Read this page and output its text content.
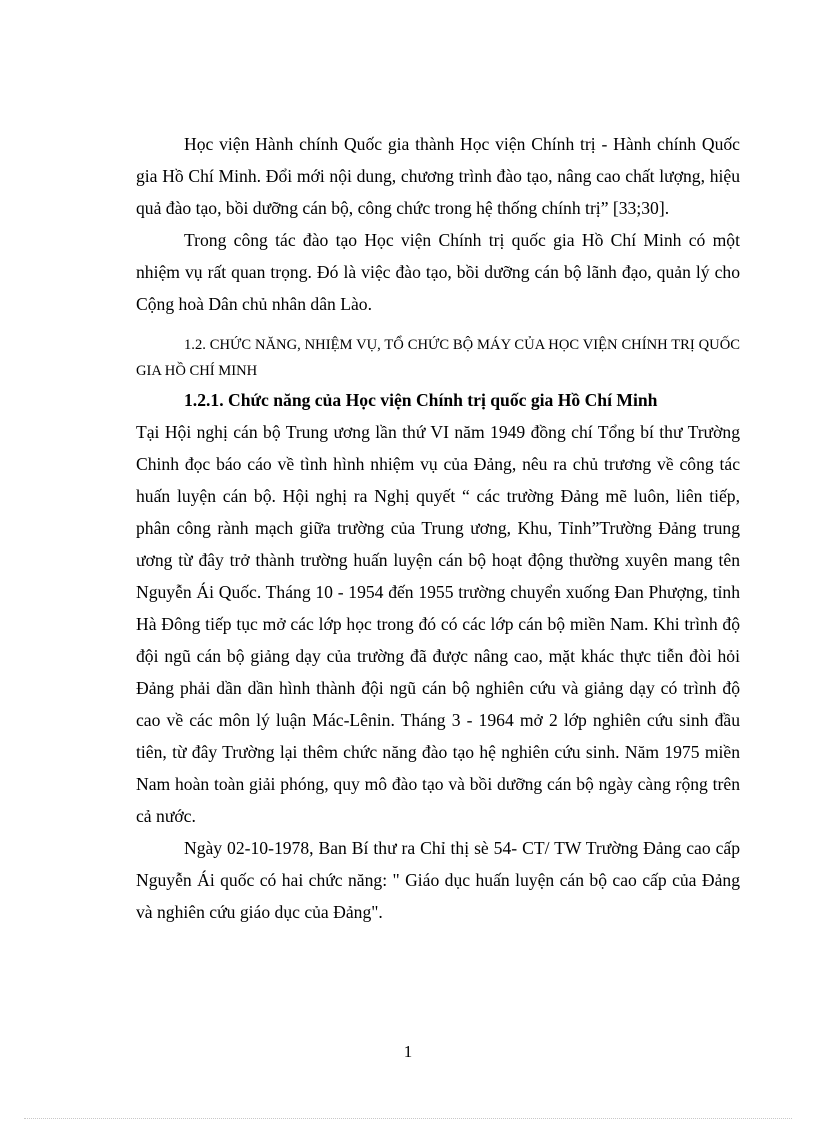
Học viện Hành chính Quốc gia thành Học viện Chính trị - Hành chính Quốc gia Hồ Chí Minh. Đổi mới nội dung, chương trình đào tạo, nâng cao chất lượng, hiệu quả đào tạo, bồi dưỡng cán bộ, công chức trong hệ thống chính trị” [33;30].

Trong công tác đào tạo Học viện Chính trị quốc gia Hồ Chí Minh có một nhiệm vụ rất quan trọng. Đó là việc đào tạo, bồi dưỡng cán bộ lãnh đạo, quản lý cho Cộng hoà Dân chủ nhân dân Lào.

1.2. CHỨC NĂNG, NHIỆM VỤ, TỔ CHỨC BỘ MÁY CỦA HỌC VIỆN CHÍNH TRỊ QUỐC GIA HỒ CHÍ MINH

1.2.1. Chức năng của Học viện Chính trị quốc gia Hồ Chí Minh

Tại Hội nghị cán bộ Trung ương lần thứ VI năm 1949 đồng chí Tổng bí thư Trường Chinh đọc báo cáo về tình hình nhiệm vụ của Đảng, nêu ra chủ trương về công tác huấn luyện cán bộ. Hội nghị ra Nghị quyết “ các trường Đảng mẽ luôn, liên tiếp, phân công rành mạch giữa trường của Trung ương, Khu, Tỉnh”Trường Đảng trung ương từ đây trở thành trường huấn luyện cán bộ hoạt động thường xuyên mang tên Nguyễn Ái Quốc. Tháng 10 - 1954 đến 1955 trường chuyển xuống Đan Phượng, tỉnh Hà Đông tiếp tục mở các lớp học trong đó có các lớp cán bộ miền Nam. Khi trình độ đội ngũ cán bộ giảng dạy của trường đã được nâng cao, mặt khác thực tiễn đòi hỏi Đảng phải dần dần hình thành đội ngũ cán bộ nghiên cứu và giảng dạy có trình độ cao về các môn lý luận Mác-Lênin. Tháng 3 - 1964 mở 2 lớp nghiên cứu sinh đầu tiên, từ đây Trường lại thêm chức năng đào tạo hệ nghiên cứu sinh. Năm 1975 miền Nam hoàn toàn giải phóng, quy mô đào tạo và bồi dưỡng cán bộ ngày càng rộng trên cả nước.

Ngày 02-10-1978, Ban Bí thư ra Chỉ thị sè 54- CT/ TW Trường Đảng cao cấp Nguyễn Ái quốc có hai chức năng: " Giáo dục huấn luyện cán bộ cao cấp của Đảng và nghiên cứu giáo dục của Đảng".

1
